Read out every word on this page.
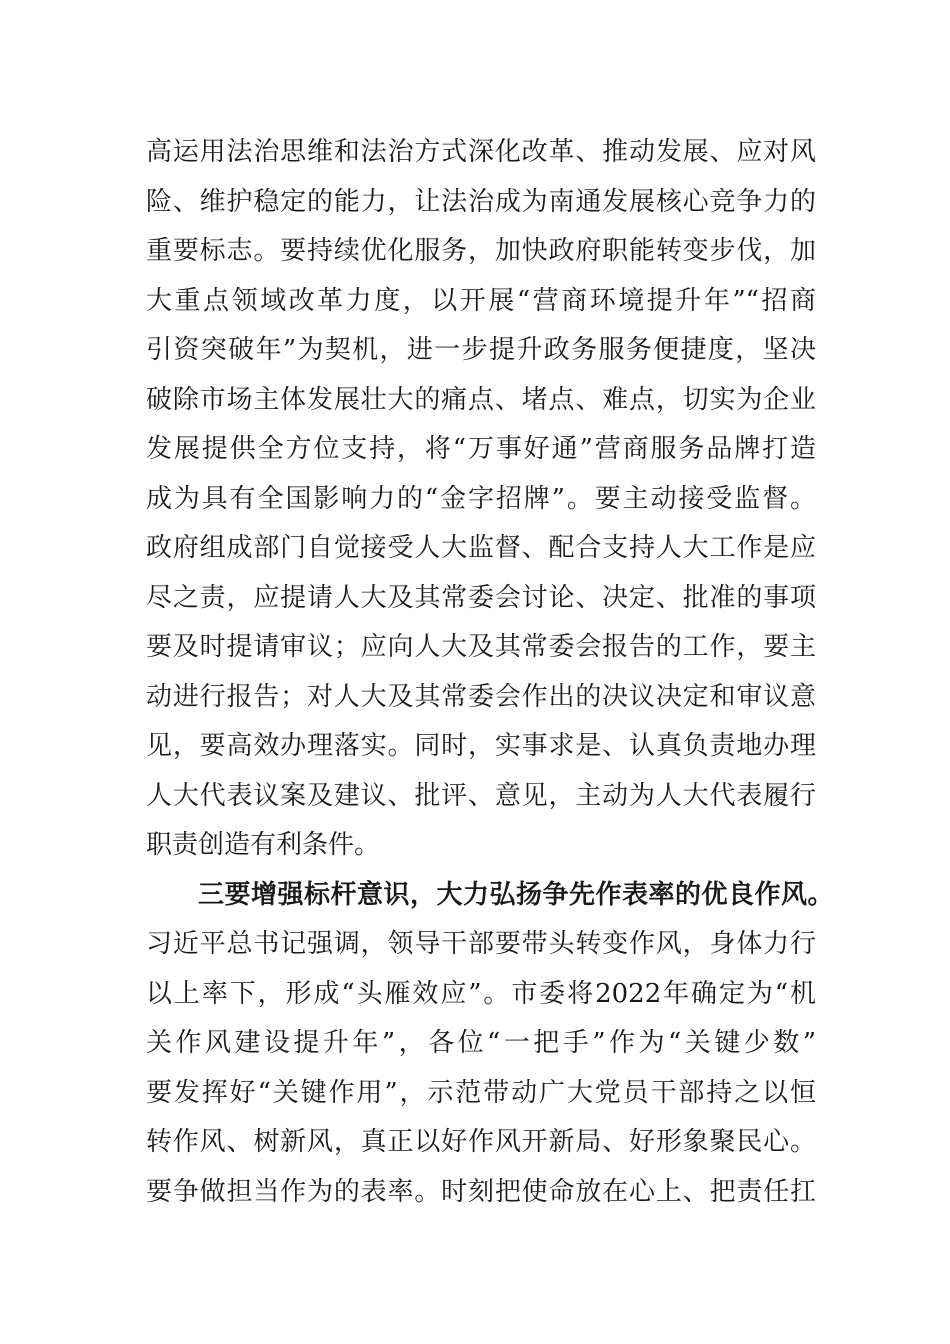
高运用法治思维和法治方式深化改革、推动发展、应对风
险、维护稳定的能力，让法治成为南通发展核心竞争力的
重要标志。要持续优化服务，加快政府职能转变步伐，加
大重点领域改革力度，以开展“营商环境提升年”“招商
引资突破年”为契机，进一步提升政务服务便捷度，坚决
破除市场主体发展壮大的痛点、堵点、难点，切实为企业
发展提供全方位支持，将“万事好通”营商服务品牌打造
成为具有全国影响力的“金字招牌”。要主动接受监督。
政府组成部门自觉接受人大监督、配合支持人大工作是应
尽之责，应提请人大及其常委会讨论、决定、批准的事项
要及时提请审议；应向人大及其常委会报告的工作，要主
动进行报告；对人大及其常委会作出的决议决定和审议意
见，要高效办理落实。同时，实事求是、认真负责地办理
人大代表议案及建议、批评、意见，主动为人大代表履行
职责创造有利条件。
三要增强标杆意识，大力弘扬争先作表率的优良作风。
习近平总书记强调，领导干部要带头转变作风，身体力行
以上率下，形成“头雁效应”。市委将2022年确定为“机
关作风建设提升年”，各位“一把手”作为“关键少数”
要发挥好“关键作用”，示范带动广大党员干部持之以恒
转作风、树新风，真正以好作风开新局、好形象聚民心。
要争做担当作为的表率。时刻把使命放在心上、把责任扛
